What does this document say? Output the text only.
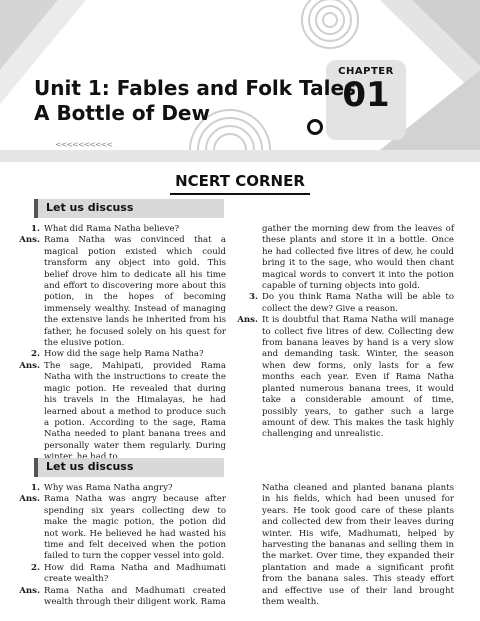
Unit 1: Fables and Folk Tales
A Bottle of Dew
CHAPTER
01
<<<<<<<<<<
NCERT CORNER
Let us discuss
1. What did Rama Natha believe?
Ans. Rama Natha was convinced that a magical potion existed which could transform any object into gold. This belief drove him to dedicate all his time and effort to discovering more about this potion, in the hopes of becoming immensely wealthy. Instead of managing the extensive lands he inherited from his father, he focused solely on his quest for the elusive potion.
2. How did the sage help Rama Natha?
Ans. The sage, Mahipati, provided Rama Natha with the instructions to create the magic potion. He revealed that during his travels in the Himalayas, he had learned about a method to produce such a potion. According to the sage, Rama Natha needed to plant banana trees and personally water them regularly. During

gather the morning dew from the leaves of these plants and store it in a bottle. Once he had collected five litres of dew, he could bring it to the sage, who would then chant magical words to convert it into the potion capable of turning objects into gold.

3. Do you think Rama Natha will be able to collect the dew? Give a reason.
Ans. It is doubtful that Rama Natha will manage to collect five litres of dew. Collecting dew from banana leaves by hand is a very slow and demanding task. Winter, the season when dew forms, only lasts for a few months each year. Even if Rama Natha planted numerous banana trees, it would take a considerable amount of time, possibly years, to gather such a large amount of dew. This makes the task highly challenging and unrealistic.
Let us discuss
1. Why was Rama Natha angry?
Ans. Rama Natha was angry because after spending six years collecting dew to make the magic potion, the potion did not work. He believed he had wasted his time and felt deceived when the potion failed to turn the copper vessel into gold.
2. How did Rama Natha and Madhumati create wealth?
Ans. Rama Natha and Madhumati created wealth through their diligent work. Rama

Natha cleaned and planted banana plants in his fields, which had been unused for years. He took good care of these plants and collected dew from their leaves during winter. His wife, Madhumati, helped by harvesting the bananas and selling them in the market. Over time, they expanded their plantation and made a significant profit from the banana sales. This steady effort and effective use of their land brought them wealth.
